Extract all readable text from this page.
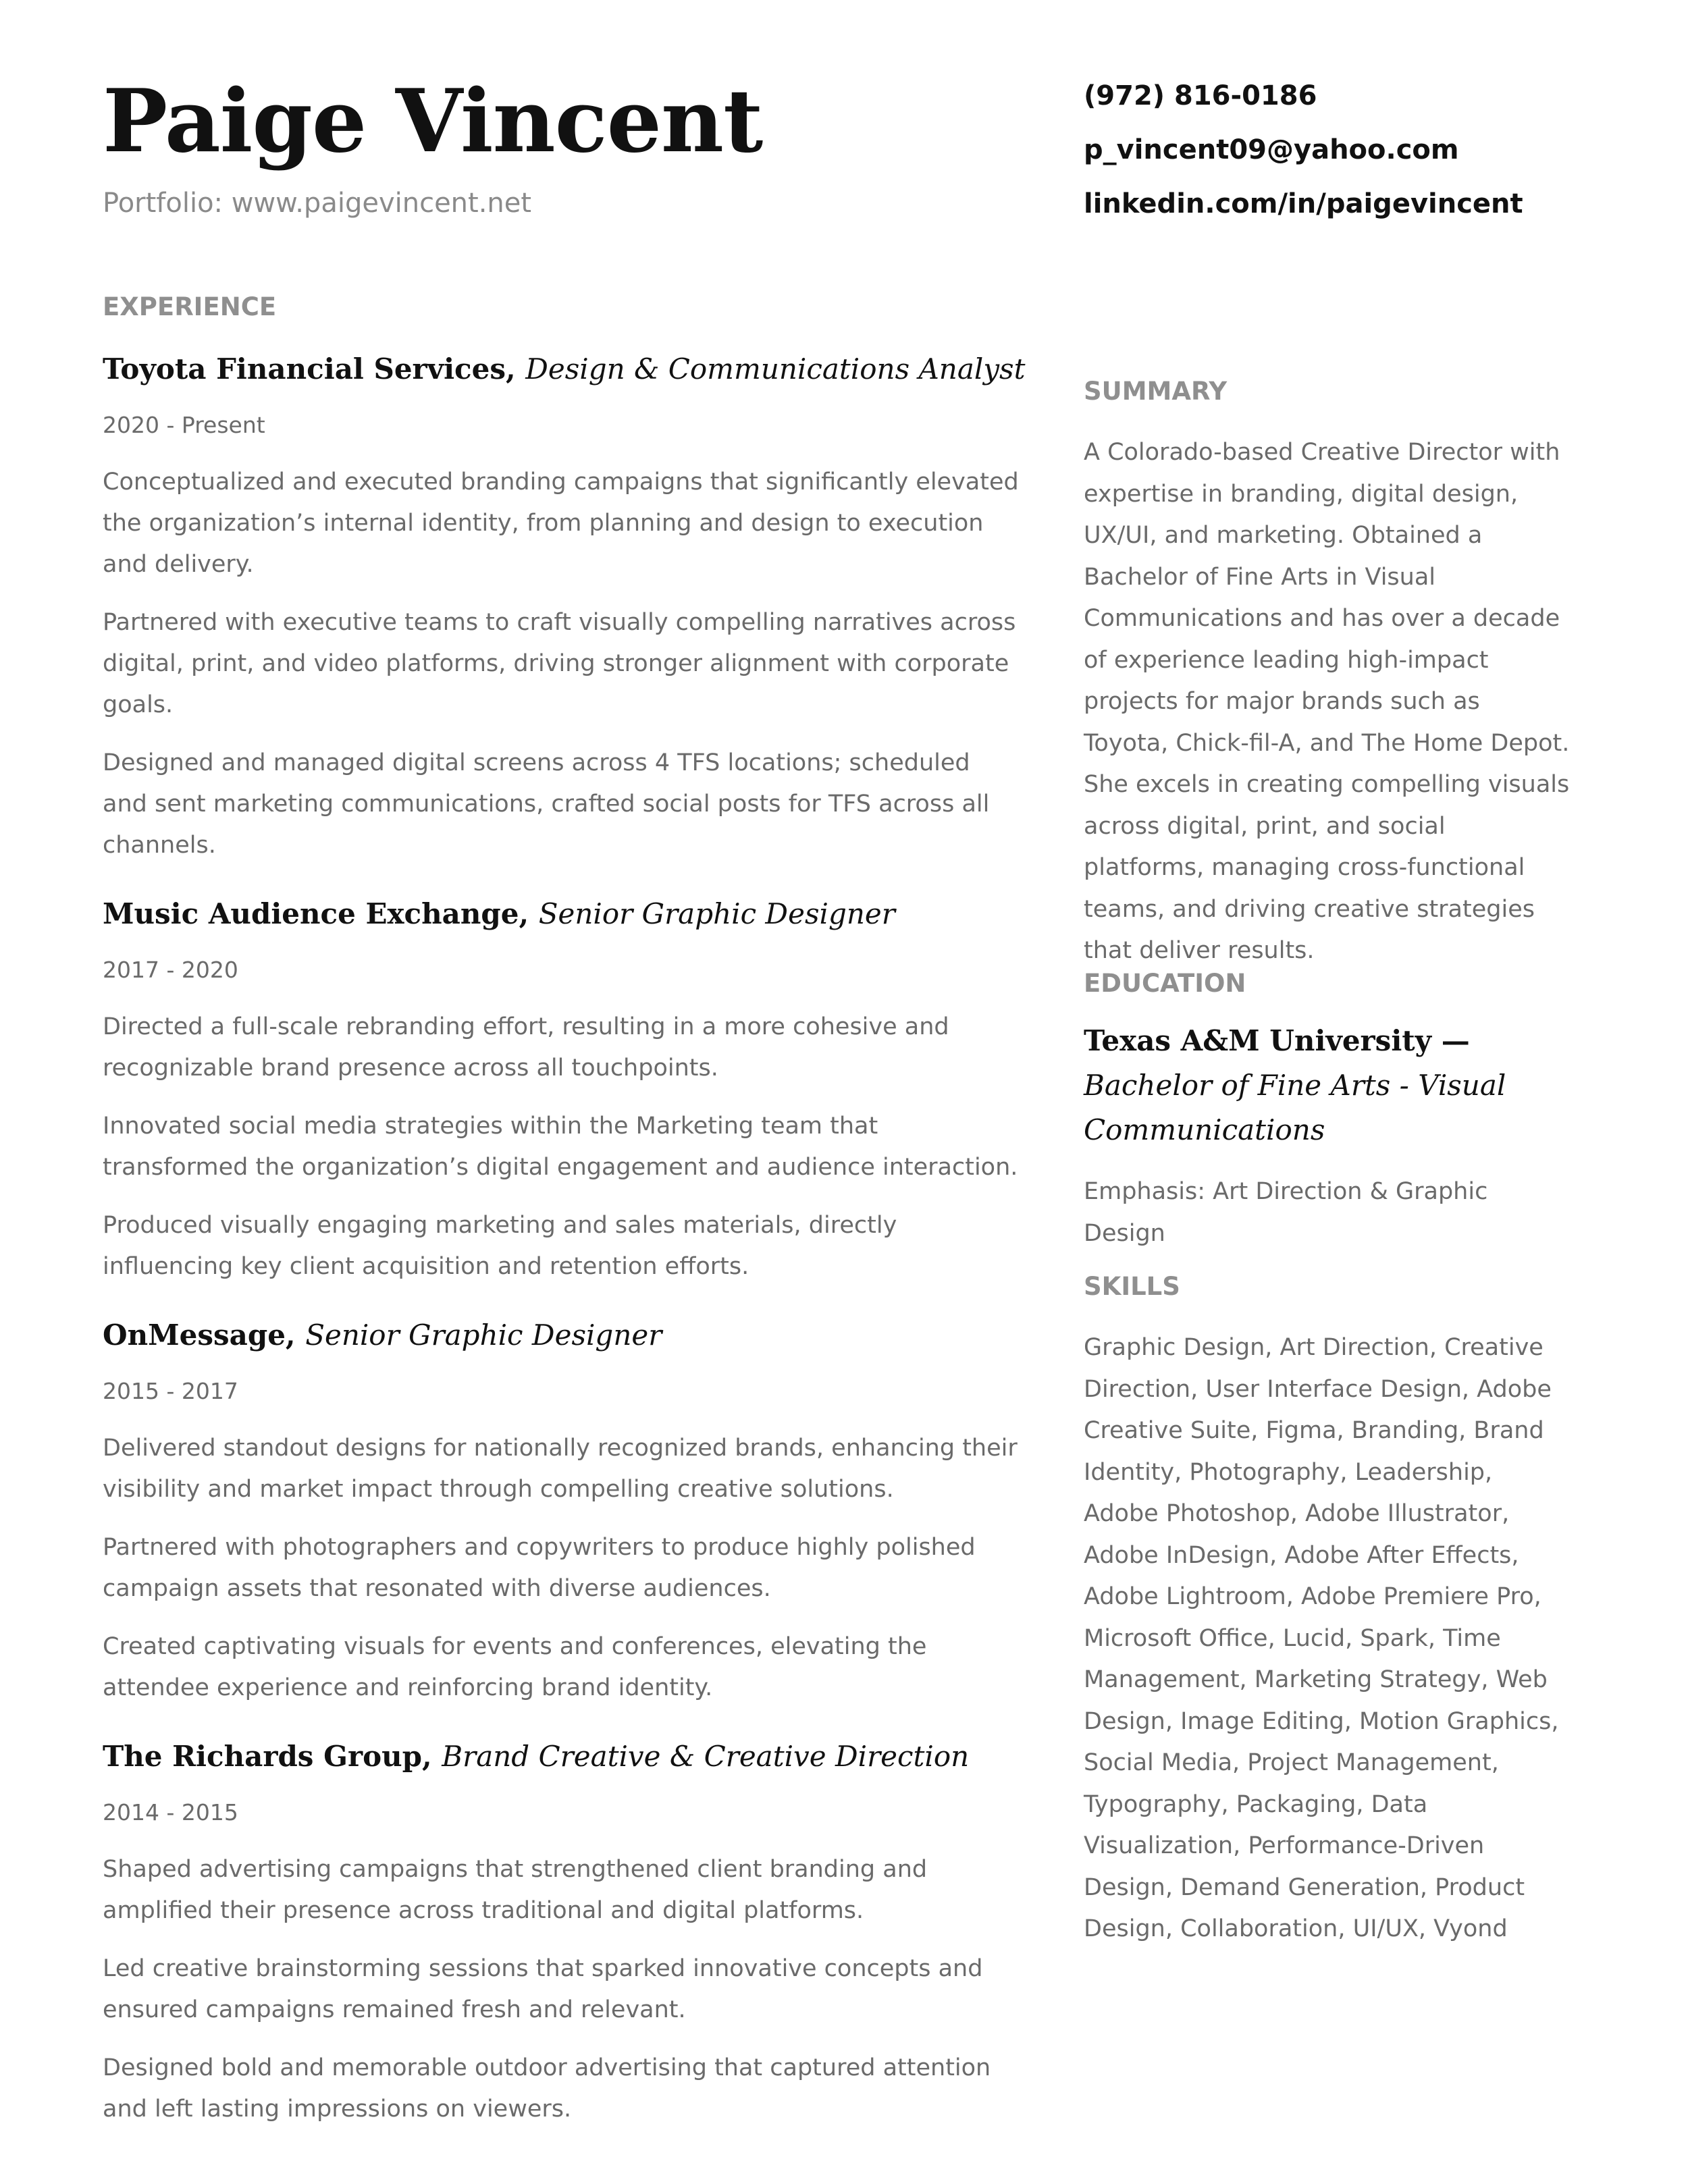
Paige Vincent
Portfolio: www.paigevincent.net
(972) 816-0186
p_vincent09@yahoo.com
linkedin.com/in/paigevincent
EXPERIENCE
Toyota Financial Services, Design & Communications Analyst
2020 - Present

Conceptualized and executed branding campaigns that significantly elevated the organization’s internal identity, from planning and design to execution and delivery.

Partnered with executive teams to craft visually compelling narratives across digital, print, and video platforms, driving stronger alignment with corporate goals.

Designed and managed digital screens across 4 TFS locations; scheduled and sent marketing communications, crafted social posts for TFS across all channels.

Music Audience Exchange, Senior Graphic Designer
2017 - 2020

Directed a full-scale rebranding effort, resulting in a more cohesive and recognizable brand presence across all touchpoints.

Innovated social media strategies within the Marketing team that transformed the organization’s digital engagement and audience interaction.

Produced visually engaging marketing and sales materials, directly influencing key client acquisition and retention efforts.

OnMessage, Senior Graphic Designer
2015 - 2017

Delivered standout designs for nationally recognized brands, enhancing their visibility and market impact through compelling creative solutions.

Partnered with photographers and copywriters to produce highly polished campaign assets that resonated with diverse audiences.

Created captivating visuals for events and conferences, elevating the attendee experience and reinforcing brand identity.

The Richards Group, Brand Creative & Creative Direction
2014 - 2015

Shaped advertising campaigns that strengthened client branding and amplified their presence across traditional and digital platforms.

Led creative brainstorming sessions that sparked innovative concepts and ensured campaigns remained fresh and relevant.

Designed bold and memorable outdoor advertising that captured attention and left lasting impressions on viewers.

SUMMARY

A Colorado-based Creative Director with expertise in branding, digital design, UX/UI, and marketing. Obtained a Bachelor of Fine Arts in Visual Communications and has over a decade of experience leading high-impact projects for major brands such as Toyota, Chick-fil-A, and The Home Depot. She excels in creating compelling visuals across digital, print, and social platforms, managing cross-functional teams, and driving creative strategies that deliver results.

EDUCATION
Texas A&M University — Bachelor of Fine Arts - Visual Communications
Emphasis: Art Direction & Graphic Design
SKILLS

Graphic Design, Art Direction, Creative Direction, User Interface Design, Adobe Creative Suite, Figma, Branding, Brand Identity, Photography, Leadership, Adobe Photoshop, Adobe Illustrator, Adobe InDesign, Adobe After Effects, Adobe Lightroom, Adobe Premiere Pro, Microsoft Office, Lucid, Spark, Time Management, Marketing Strategy, Web Design, Image Editing, Motion Graphics, Social Media, Project Management, Typography, Packaging, Data Visualization, Performance-Driven Design, Demand Generation, Product Design, Collaboration, UI/UX, Vyond
